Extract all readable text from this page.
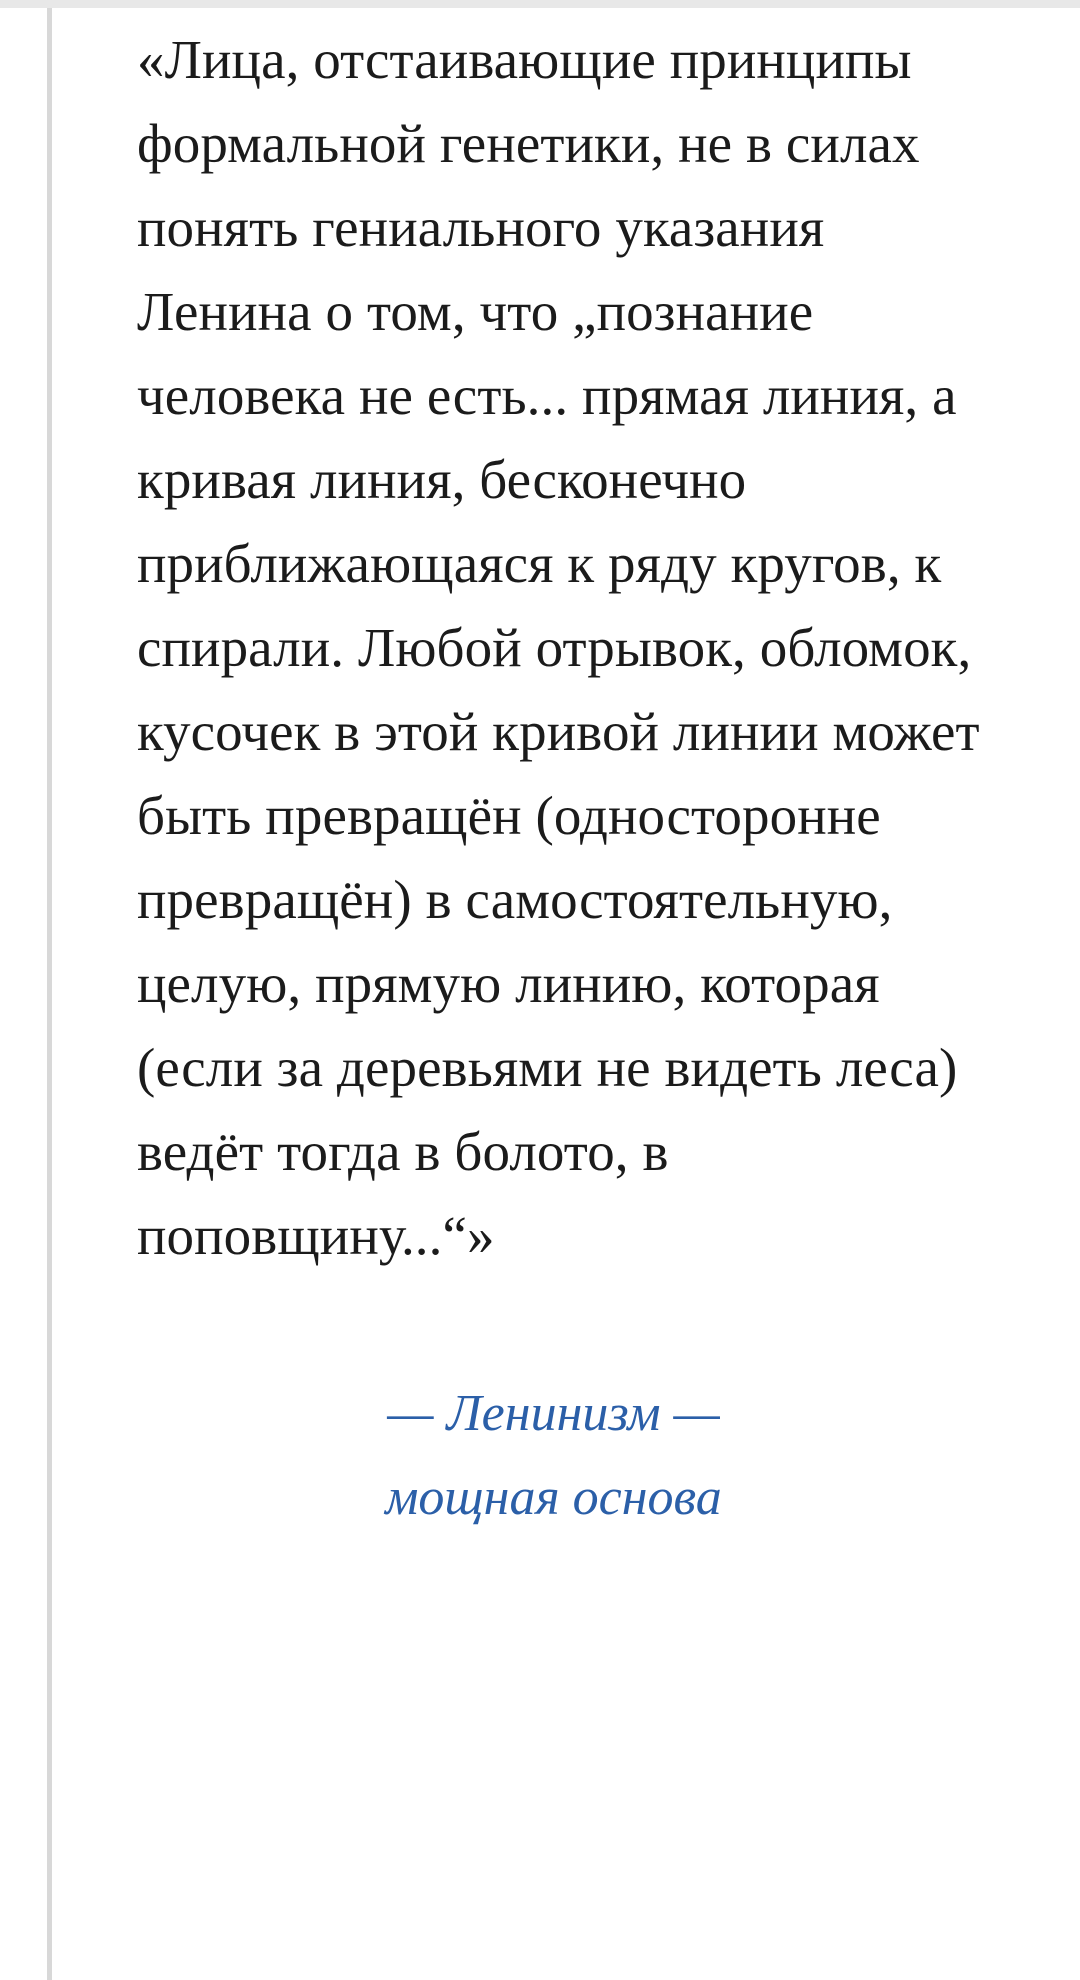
«Лица, отстаивающие принципы формальной генетики, не в силах понять гениального указания Ленина о том, что „познание человека не есть... прямая линия, а кривая линия, бесконечно приближающаяся к ряду кругов, к спирали. Любой отрывок, обломок, кусочек в этой кривой линии может быть превращён (односторонне превращён) в самостоятельную, целую, прямую линию, которая (если за деревьями не видеть леса) ведёт тогда в болото, в поповщину...“»
— Ленинизм —
мощная основа
